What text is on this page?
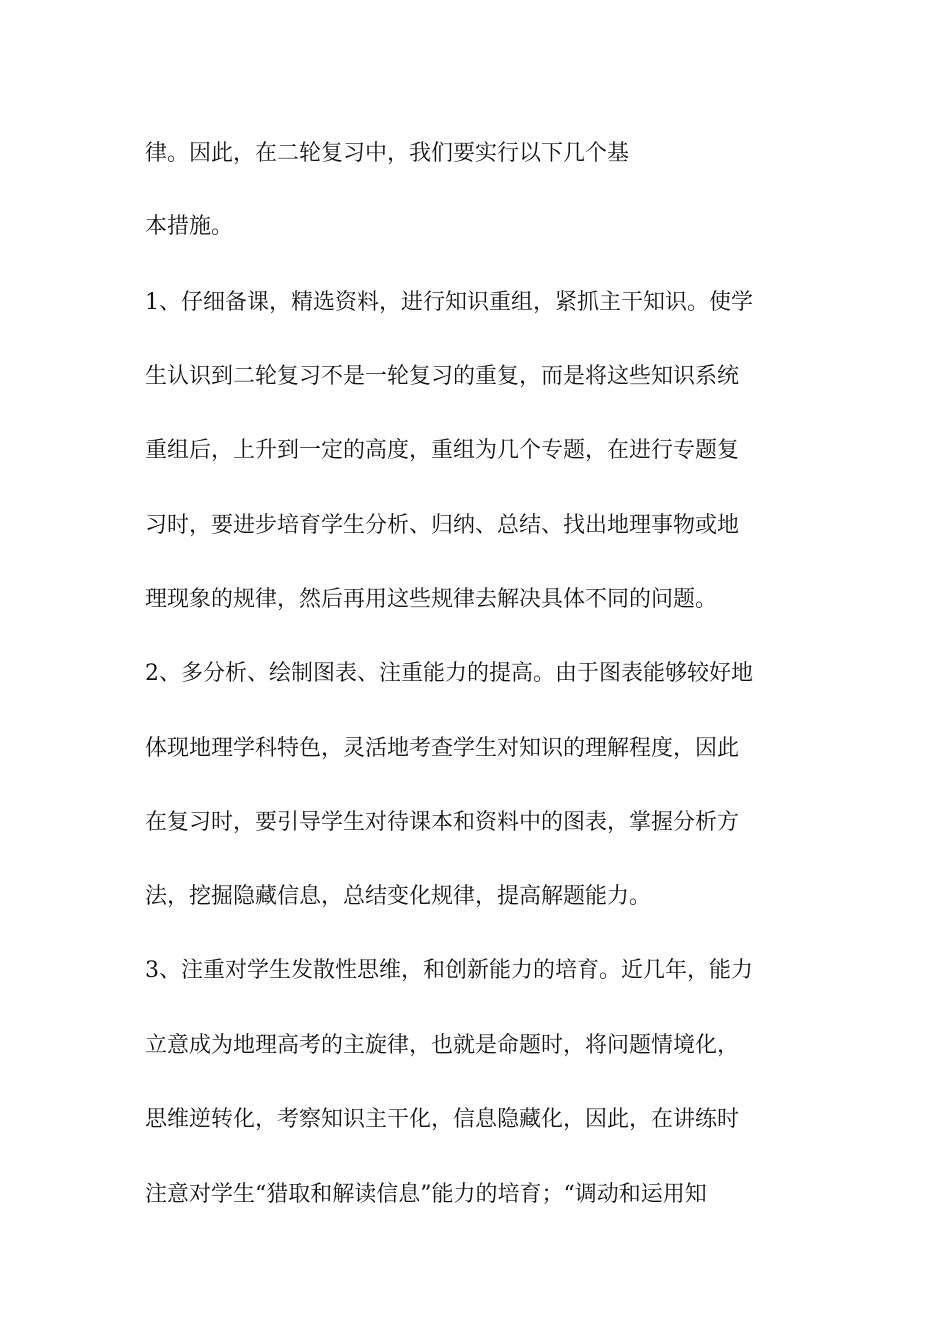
律。因此，在二轮复习中，我们要实行以下几个基
本措施。
1、仔细备课，精选资料，进行知识重组，紧抓主干知识。使学
生认识到二轮复习不是一轮复习的重复，而是将这些知识系统
重组后，上升到一定的高度，重组为几个专题，在进行专题复
习时，要进步培育学生分析、归纳、总结、找出地理事物或地
理现象的规律，然后再用这些规律去解决具体不同的问题。
2、多分析、绘制图表、注重能力的提高。由于图表能够较好地
体现地理学科特色，灵活地考查学生对知识的理解程度，因此
在复习时，要引导学生对待课本和资料中的图表，掌握分析方
法，挖掘隐藏信息，总结变化规律，提高解题能力。
3、注重对学生发散性思维，和创新能力的培育。近几年，能力
立意成为地理高考的主旋律，也就是命题时，将问题情境化，
思维逆转化，考察知识主干化，信息隐藏化，因此，在讲练时
注意对学生“猎取和解读信息”能力的培育；“调动和运用知
